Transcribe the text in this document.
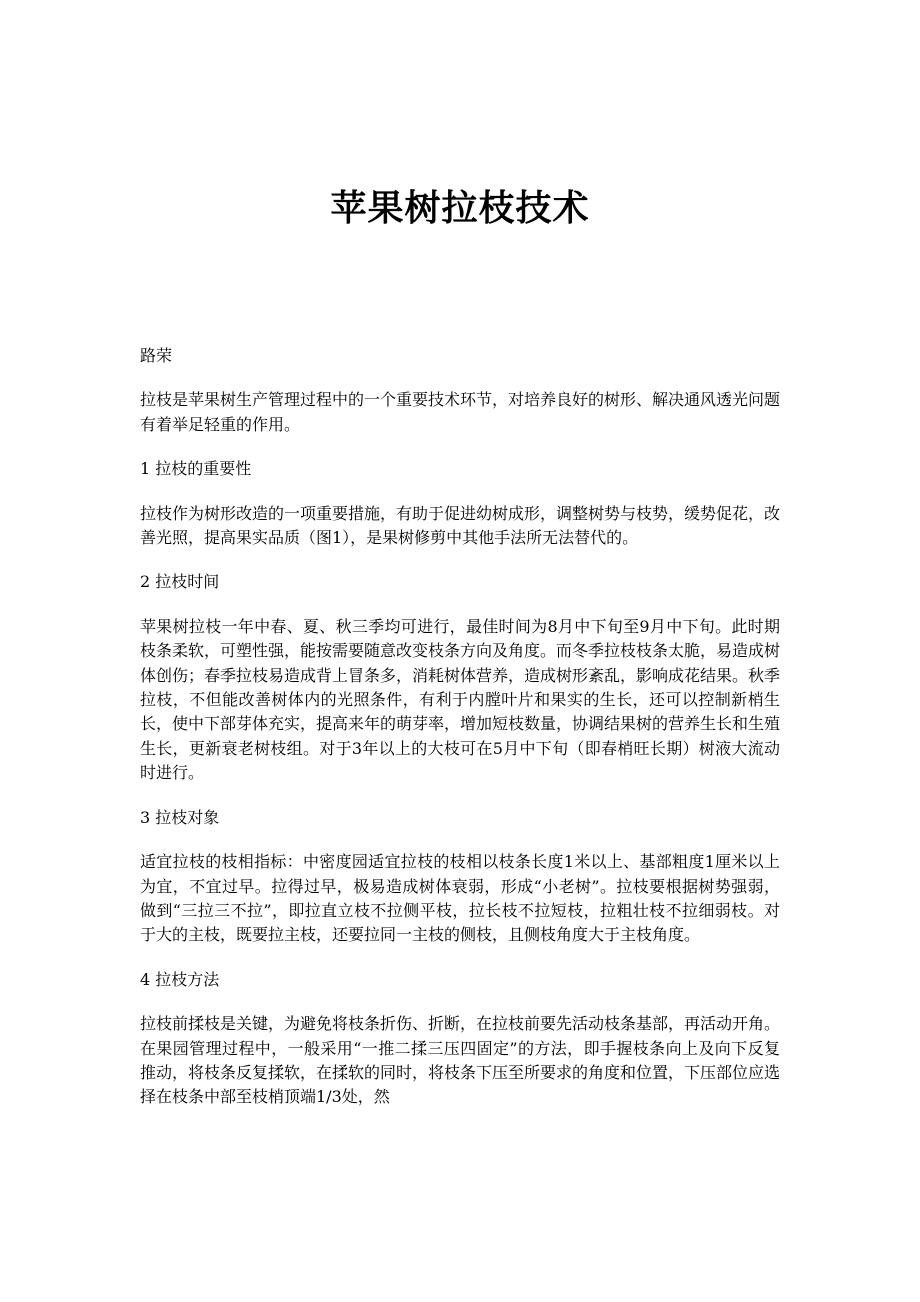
苹果树拉枝技术

路荣

拉枝是苹果树生产管理过程中的一个重要技术环节，对培养良好的树形、解决通风透光问题有着举足轻重的作用。

1 拉枝的重要性

拉枝作为树形改造的一项重要措施，有助于促进幼树成形，调整树势与枝势，缓势促花，改善光照，提高果实品质（图1），是果树修剪中其他手法所无法替代的。

2 拉枝时间

苹果树拉枝一年中春、夏、秋三季均可进行，最佳时间为8月中下旬至9月中下旬。此时期枝条柔软，可塑性强，能按需要随意改变枝条方向及角度。而冬季拉枝枝条太脆，易造成树体创伤；春季拉枝易造成背上冒条多，消耗树体营养，造成树形紊乱，影响成花结果。秋季拉枝，不但能改善树体内的光照条件，有利于内膛叶片和果实的生长，还可以控制新梢生长，使中下部芽体充实，提高来年的萌芽率，增加短枝数量，协调结果树的营养生长和生殖生长，更新衰老树枝组。对于3年以上的大枝可在5月中下旬（即春梢旺长期）树液大流动时进行。

3 拉枝对象

适宜拉枝的枝相指标：中密度园适宜拉枝的枝相以枝条长度1米以上、基部粗度1厘米以上为宜，不宜过早。拉得过早，极易造成树体衰弱，形成“小老树”。拉枝要根据树势强弱，做到“三拉三不拉”，即拉直立枝不拉侧平枝，拉长枝不拉短枝，拉粗壮枝不拉细弱枝。对于大的主枝，既要拉主枝，还要拉同一主枝的侧枝，且侧枝角度大于主枝角度。

4 拉枝方法

拉枝前揉枝是关键，为避免将枝条折伤、折断，在拉枝前要先活动枝条基部，再活动开角。在果园管理过程中，一般采用“一推二揉三压四固定”的方法，即手握枝条向上及向下反复推动，将枝条反复揉软，在揉软的同时，将枝条下压至所要求的角度和位置，下压部位应选择在枝条中部至枝梢顶端1/3处，然
